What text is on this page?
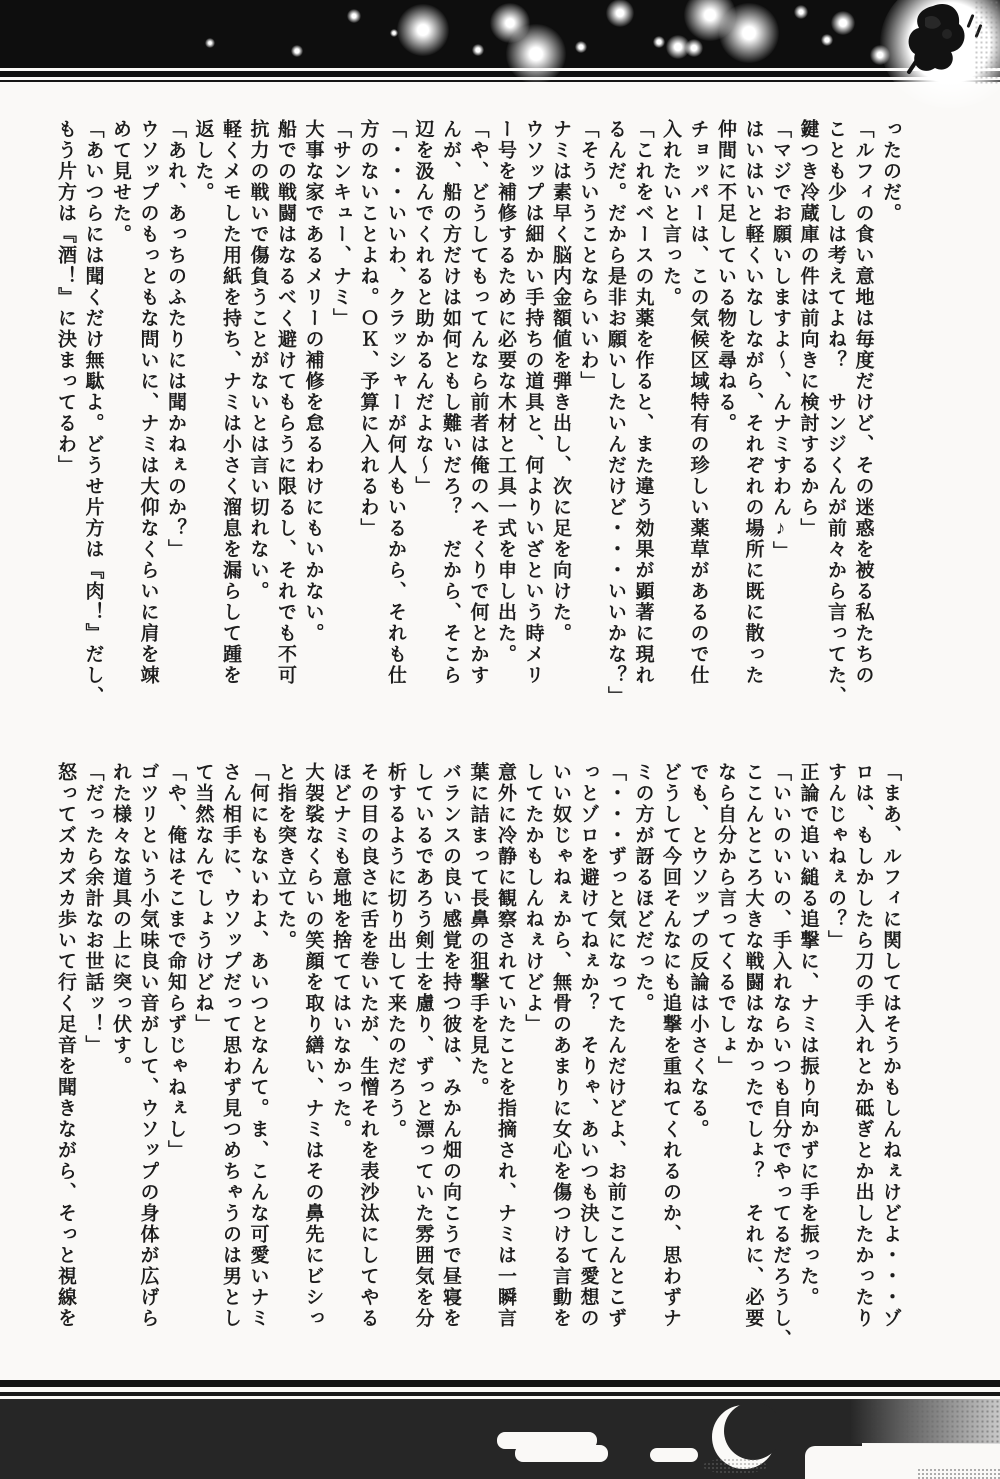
ったのだ。
「ルフィの食い意地は毎度だけど、その迷惑を被る私たちの
ことも少しは考えてよね？　サンジくんが前々から言ってた、
鍵つき冷蔵庫の件は前向きに検討するから」
「マジでお願いしますよ～、んナミすわん♪」
はいはいと軽くいなしながら、それぞれの場所に既に散った
仲間に不足している物を尋ねる。
チョッパーは、この気候区域特有の珍しい薬草があるので仕
入れたいと言った。
「これをベースの丸薬を作ると、また違う効果が顕著に現れ
るんだ。だから是非お願いしたいんだけど・・・いいかな？」
「そういうことならいいわ」
ナミは素早く脳内金額値を弾き出し、次に足を向けた。
ウソップは細かい手持ちの道具と、何よりいざという時メリ
ー号を補修するために必要な木材と工具一式を申し出た。
「や、どうしてもってんなら前者は俺のへそくりで何とかす
んが、船の方だけは如何ともし難いだろ？　だから、そこら
辺を汲んでくれると助かるんだよな～」
「・・・いいわ、クラッシャーが何人もいるから、それも仕
方のないことよね。ＯＫ、予算に入れるわ」
「サンキュー、ナミ」
大事な家であるメリーの補修を怠るわけにもいかない。
船での戦闘はなるべく避けてもらうに限るし、それでも不可
抗力の戦いで傷負うことがないとは言い切れない。
軽くメモした用紙を持ち、ナミは小さく溜息を漏らして踵を
返した。
「あれ、あっちのふたりには聞かねぇのか？」
ウソップのもっともな問いに、ナミは大仰なくらいに肩を竦
めて見せた。
「あいつらには聞くだけ無駄よ。どうせ片方は『肉！』だし、
もう片方は『酒！』に決まってるわ」
「まあ、ルフィに関してはそうかもしんねぇけどよ・・・ゾ
ロは、もしかしたら刀の手入れとか砥ぎとか出したかったり
すんじゃねぇの？」
正論で追い縋る追撃に、ナミは振り向かずに手を振った。
「いいのいいの、手入れならいつも自分でやってるだろうし、
ここんところ大きな戦闘はなかったでしょ？　それに、必要
なら自分から言ってくるでしょ」
でも、とウソップの反論は小さくなる。
どうして今回そんなにも追撃を重ねてくれるのか、思わずナ
ミの方が訝るほどだった。
「・・・ずっと気になってたんだけどよ、お前ここんとこず
っとゾロを避けてねぇか？　そりゃ、あいつも決して愛想の
いい奴じゃねぇから、無骨のあまりに女心を傷つける言動を
してたかもしんねぇけどよ」
意外に冷静に観察されていたことを指摘され、ナミは一瞬言
葉に詰まって長鼻の狙撃手を見た。
バランスの良い感覚を持つ彼は、みかん畑の向こうで昼寝を
しているであろう剣士を慮り、ずっと漂っていた雰囲気を分
析するように切り出して来たのだろう。
その目の良さに舌を巻いたが、生憎それを表沙汰にしてやる
ほどナミも意地を捨ててはいなかった。
大袈裟なくらいの笑顔を取り繕い、ナミはその鼻先にビシっ
と指を突き立てた。
「何にもないわよ、あいつとなんて。ま、こんな可愛いナミ
さん相手に、ウソップだって思わず見つめちゃうのは男とし
て当然なんでしょうけどね」
「や、俺はそこまで命知らずじゃねぇし」
ゴツリという小気味良い音がして、ウソップの身体が広げら
れた様々な道具の上に突っ伏す。
「だったら余計なお世話ッ！」
怒ってズカズカ歩いて行く足音を聞きながら、そっと視線を
